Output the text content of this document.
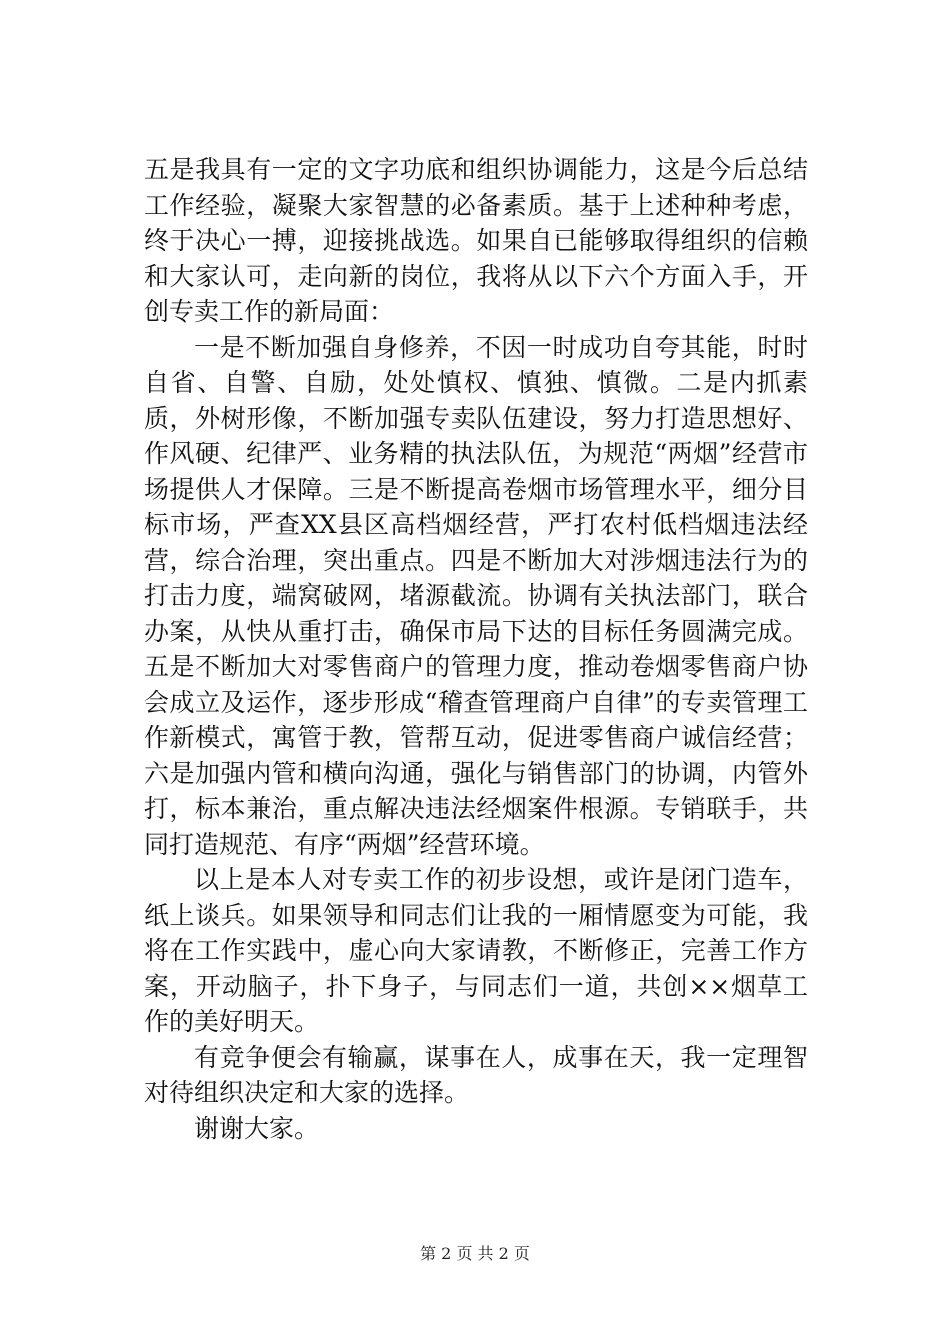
五是我具有一定的文字功底和组织协调能力，这是今后总结工作经验，凝聚大家智慧的必备素质。基于上述种种考虑，终于决心一搏，迎接挑战选。如果自已能够取得组织的信赖和大家认可，走向新的岗位，我将从以下六个方面入手，开创专卖工作的新局面：

一是不断加强自身修养，不因一时成功自夸其能，时时自省、自警、自励，处处慎权、慎独、慎微。二是内抓素质，外树形像，不断加强专卖队伍建设，努力打造思想好、作风硬、纪律严、业务精的执法队伍，为规范“两烟”经营市场提供人才保障。三是不断提高卷烟市场管理水平，细分目标市场，严查XX县区高档烟经营，严打农村低档烟违法经营，综合治理，突出重点。四是不断加大对涉烟违法行为的打击力度，端窝破网，堵源截流。协调有关执法部门，联合办案，从快从重打击，确保市局下达的目标任务圆满完成。五是不断加大对零售商户的管理力度，推动卷烟零售商户协会成立及运作，逐步形成“稽查管理商户自律”的专卖管理工作新模式，寓管于教，管帮互动，促进零售商户诚信经营；六是加强内管和横向沟通，强化与销售部门的协调，内管外打，标本兼治，重点解决违法经烟案件根源。专销联手，共同打造规范、有序“两烟”经营环境。

以上是本人对专卖工作的初步设想，或许是闭门造车，纸上谈兵。如果领导和同志们让我的一厢情愿变为可能，我将在工作实践中，虚心向大家请教，不断修正，完善工作方案，开动脑子，扑下身子，与同志们一道，共创××烟草工作的美好明天。

有竞争便会有输赢，谋事在人，成事在天，我一定理智对待组织决定和大家的选择。

谢谢大家。

第 2 页 共 2 页
